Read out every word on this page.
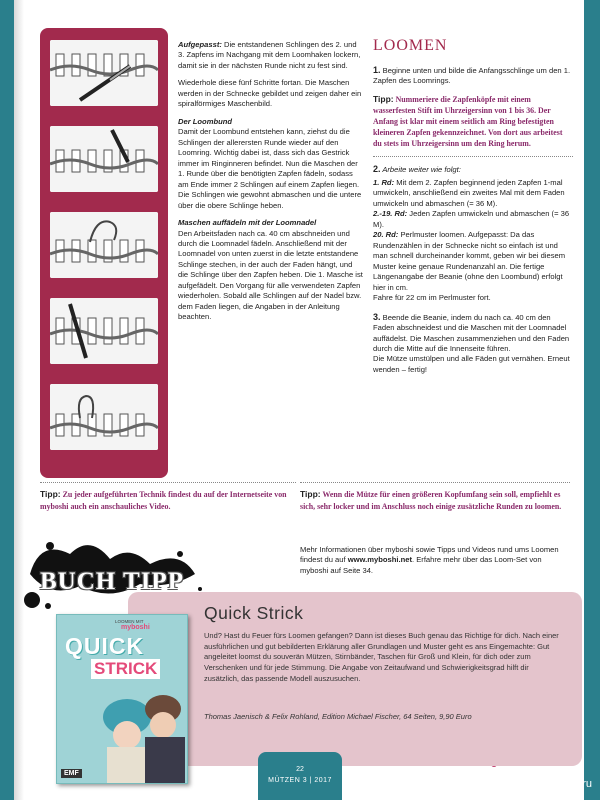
Aufgepasst: Die entstandenen Schlingen des 2. und 3. Zapfens im Nachgang mit dem Loomhaken lockern, damit sie in der nächsten Runde nicht zu fest sind.

Wiederhole diese fünf Schritte fortan. Die Maschen werden in der Schnecke gebildet und zeigen daher ein spiralförmiges Maschenbild.

Der Loombund
Damit der Loombund entstehen kann, ziehst du die Schlingen der allerersten Runde wieder auf den Loomring. Wichtig dabei ist, dass sich das Gestrick immer im Ringinneren befindet. Nun die Maschen der 1. Runde über die benötigten Zapfen fädeln, sodass am Ende immer 2 Schlingen auf einem Zapfen liegen.
Die Schlingen wie gewohnt abmaschen und die untere über die obere Schlinge heben.

Maschen auffädeln mit der Loomnadel
Den Arbeitsfaden nach ca. 40 cm abschneiden und durch die Loomnadel fädeln. Anschließend mit der Loomnadel von unten zuerst in die letzte entstandene Schlinge stechen, in der auch der Faden hängt, und die Schlinge über den Zapfen heben. Die 1. Masche ist aufgefädelt. Den Vorgang für alle verwendeten Zapfen wiederholen. Sobald alle Schlingen auf der Nadel bzw. dem Faden liegen, die Angaben in der Anleitung beachten.

LOOMEN

1. Beginne unten und bilde die Anfangsschlinge um den 1. Zapfen des Loomrings.

Tipp: Nummeriere die Zapfenköpfe mit einem wasserfesten Stift im Uhrzeigersinn von 1 bis 36. Der Anfang ist klar mit einem seitlich am Ring befestigten kleineren Zapfen gekennzeichnet. Von dort aus arbeitest du stets im Uhrzeigersinn um den Ring herum.

2. Arbeite weiter wie folgt:

1. Rd: Mit dem 2. Zapfen beginnend jeden Zapfen 1-mal umwickeln, anschließend ein zweites Mal mit dem Faden umwickeln und abmaschen (= 36 M).

2.-19. Rd: Jeden Zapfen umwickeln und abmaschen (= 36 M).

20. Rd: Perlmuster loomen. Aufgepasst: Da das Rundenzählen in der Schnecke nicht so einfach ist und man schnell durcheinander kommt, geben wir bei diesem Muster keine genaue Rundenanzahl an. Die fertige Längenangabe der Beanie (ohne den Loombund) erfolgt hier in cm.
Fahre für 22 cm im Perlmuster fort.

3. Beende die Beanie, indem du nach ca. 40 cm den Faden abschneidest und die Maschen mit der Loomnadel auffädelst. Die Maschen zusammenziehen und den Faden durch die Mitte auf die Innenseite führen.
Die Mütze umstülpen und alle Fäden gut vernähen. Erneut wenden – fertig!

Tipp: Zu jeder aufgeführten Technik findest du auf der Internetseite von myboshi auch ein anschauliches Video.
Tipp: Wenn die Mütze für einen größeren Kopfumfang sein soll, empfiehlt es sich, sehr locker und im Anschluss noch einige zusätzliche Runden zu loomen.
Mehr Informationen über myboshi sowie Tipps und Videos rund ums Loomen findest du auf www.myboshi.net. Erfahre mehr über das Loom-Set von myboshi auf Seite 34.
BUCH TIPP
Quick Strick
Und? Hast du Feuer fürs Loomen gefangen? Dann ist dieses Buch genau das Richtige für dich. Nach einer ausführlichen und gut bebilderten Erklärung aller Grundlagen und Muster geht es ans Eingemachte: Gut angeleitet loomst du souverän Mützen, Stirnbänder, Taschen für Groß und Klein, für dich oder zum Verschenken und für jede Stimmung. Die Angabe von Zeitaufwand und Schwierigkeitsgrad hilft dir zusätzlich, das passende Modell auszusuchen.
Thomas Jaenisch & Felix Rohland, Edition Michael Fischer, 64 Seiten, 9,90 Euro
LOOMEN MIT
myboshi
QUICK
STRICK
EMF
22
MÜTZEN 3 | 2017	PassionForum.ru
